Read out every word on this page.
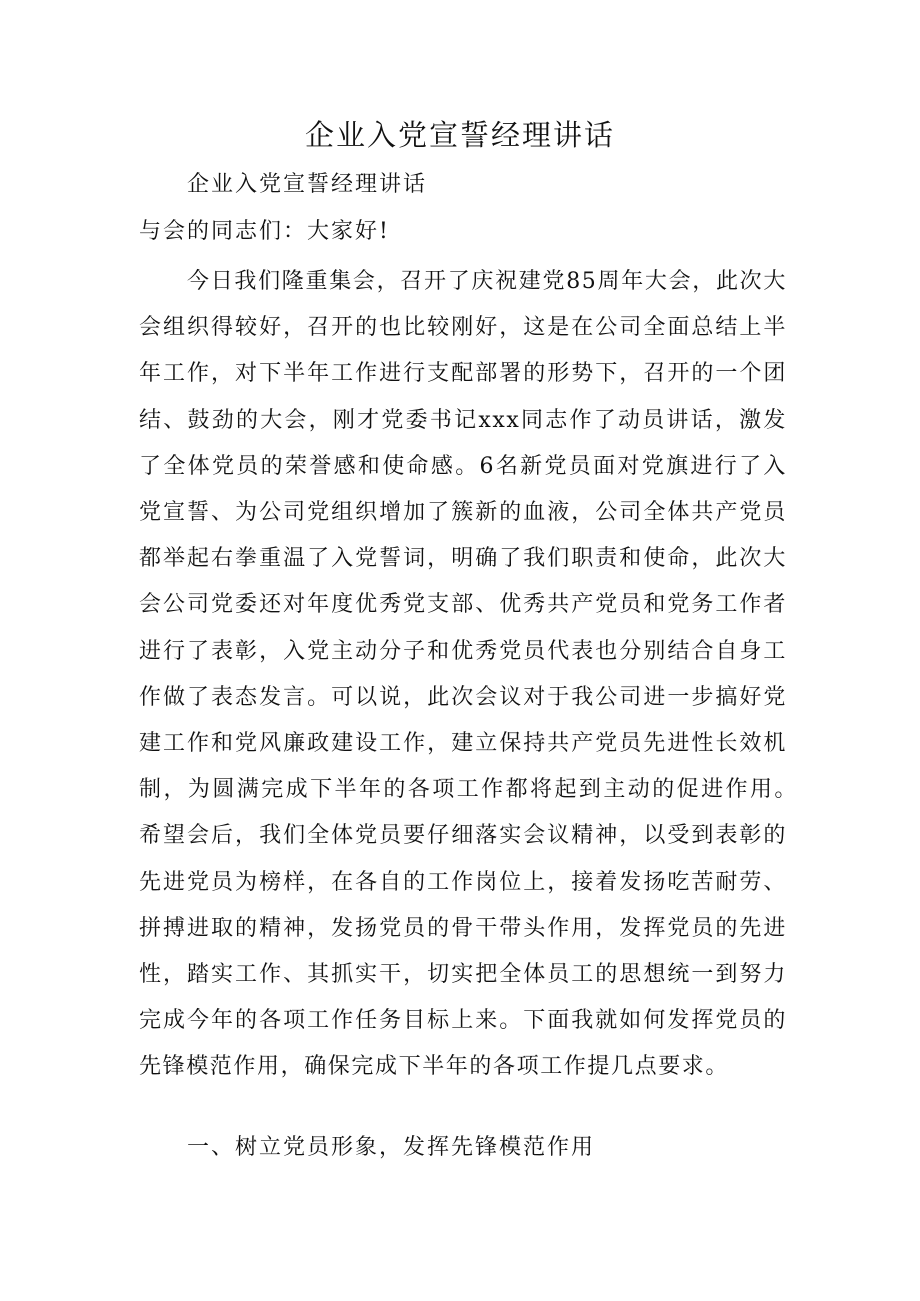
企业入党宣誓经理讲话

企业入党宣誓经理讲话

与会的同志们：大家好!

今日我们隆重集会，召开了庆祝建党85周年大会，此次大会组织得较好，召开的也比较刚好，这是在公司全面总结上半年工作，对下半年工作进行支配部署的形势下，召开的一个团结、鼓劲的大会，刚才党委书记xxx同志作了动员讲话，激发了全体党员的荣誉感和使命感。6名新党员面对党旗进行了入党宣誓、为公司党组织增加了簇新的血液，公司全体共产党员都举起右拳重温了入党誓词，明确了我们职责和使命，此次大会公司党委还对年度优秀党支部、优秀共产党员和党务工作者进行了表彰，入党主动分子和优秀党员代表也分别结合自身工作做了表态发言。可以说，此次会议对于我公司进一步搞好党建工作和党风廉政建设工作，建立保持共产党员先进性长效机制，为圆满完成下半年的各项工作都将起到主动的促进作用。　希望会后，我们全体党员要仔细落实会议精神，以受到表彰的先进党员为榜样，在各自的工作岗位上，接着发扬吃苦耐劳、拼搏进取的精神，发扬党员的骨干带头作用，发挥党员的先进性，踏实工作、其抓实干，切实把全体员工的思想统一到努力完成今年的各项工作任务目标上来。下面我就如何发挥党员的先锋模范作用，确保完成下半年的各项工作提几点要求。

一、树立党员形象，发挥先锋模范作用
